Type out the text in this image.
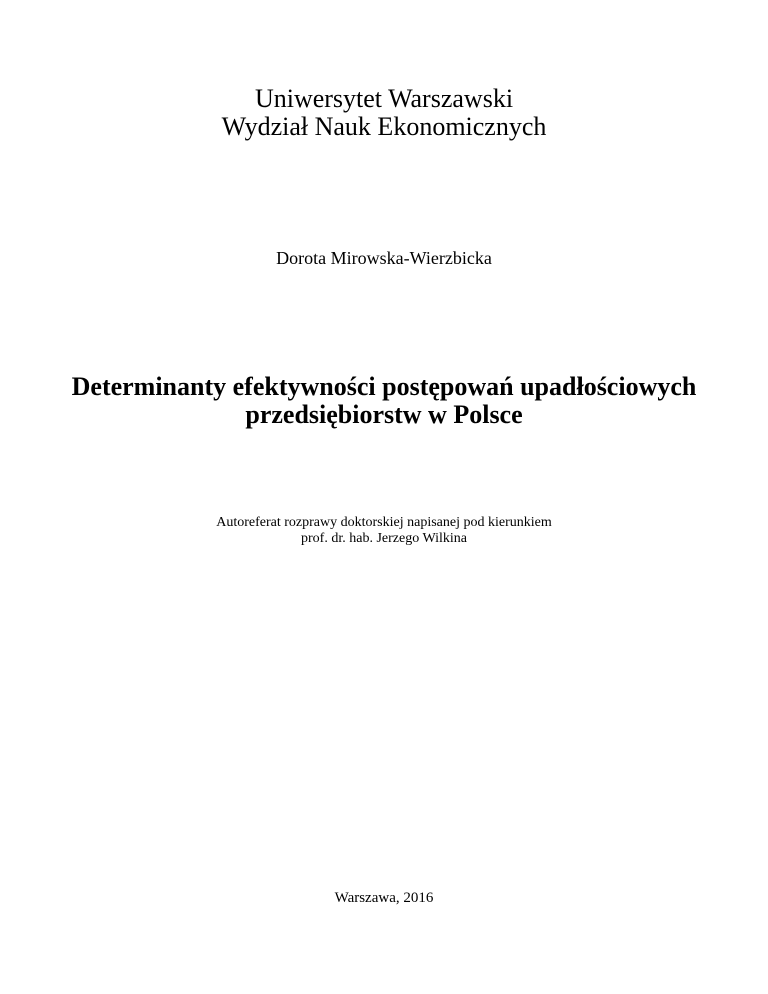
Uniwersytet Warszawski
Wydział Nauk Ekonomicznych
Dorota Mirowska-Wierzbicka
Determinanty efektywności postępowań upadłościowych
przedsiębiorstw w Polsce
Autoreferat rozprawy doktorskiej napisanej pod kierunkiem
prof. dr. hab. Jerzego Wilkina
Warszawa, 2016
